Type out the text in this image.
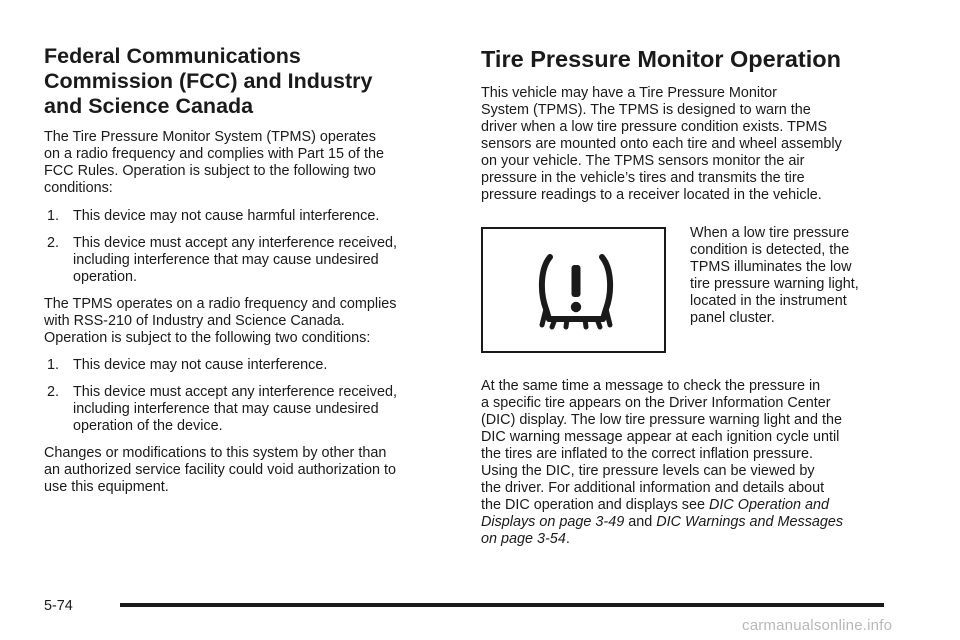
Federal Communications
Commission (FCC) and Industry
and Science Canada

The Tire Pressure Monitor System (TPMS) operates
on a radio frequency and complies with Part 15 of the
FCC Rules. Operation is subject to the following two
conditions:

1. This device may not cause harmful interference.
2. This device must accept any interference received,
including interference that may cause undesired
operation.

The TPMS operates on a radio frequency and complies
with RSS-210 of Industry and Science Canada.
Operation is subject to the following two conditions:

1. This device may not cause interference.
2. This device must accept any interference received,
including interference that may cause undesired
operation of the device.

Changes or modifications to this system by other than
an authorized service facility could void authorization to
use this equipment.

Tire Pressure Monitor Operation

This vehicle may have a Tire Pressure Monitor
System (TPMS). The TPMS is designed to warn the
driver when a low tire pressure condition exists. TPMS
sensors are mounted onto each tire and wheel assembly
on your vehicle. The TPMS sensors monitor the air
pressure in the vehicle’s tires and transmits the tire
pressure readings to a receiver located in the vehicle.

When a low tire pressure
condition is detected, the
TPMS illuminates the low
tire pressure warning light,
located in the instrument
panel cluster.

At the same time a message to check the pressure in
a specific tire appears on the Driver Information Center
(DIC) display. The low tire pressure warning light and the
DIC warning message appear at each ignition cycle until
the tires are inflated to the correct inflation pressure.
Using the DIC, tire pressure levels can be viewed by
the driver. For additional information and details about
the DIC operation and displays see DIC Operation and
Displays on page 3-49 and DIC Warnings and Messages
on page 3-54.

5-74
carmanualsonline.info
